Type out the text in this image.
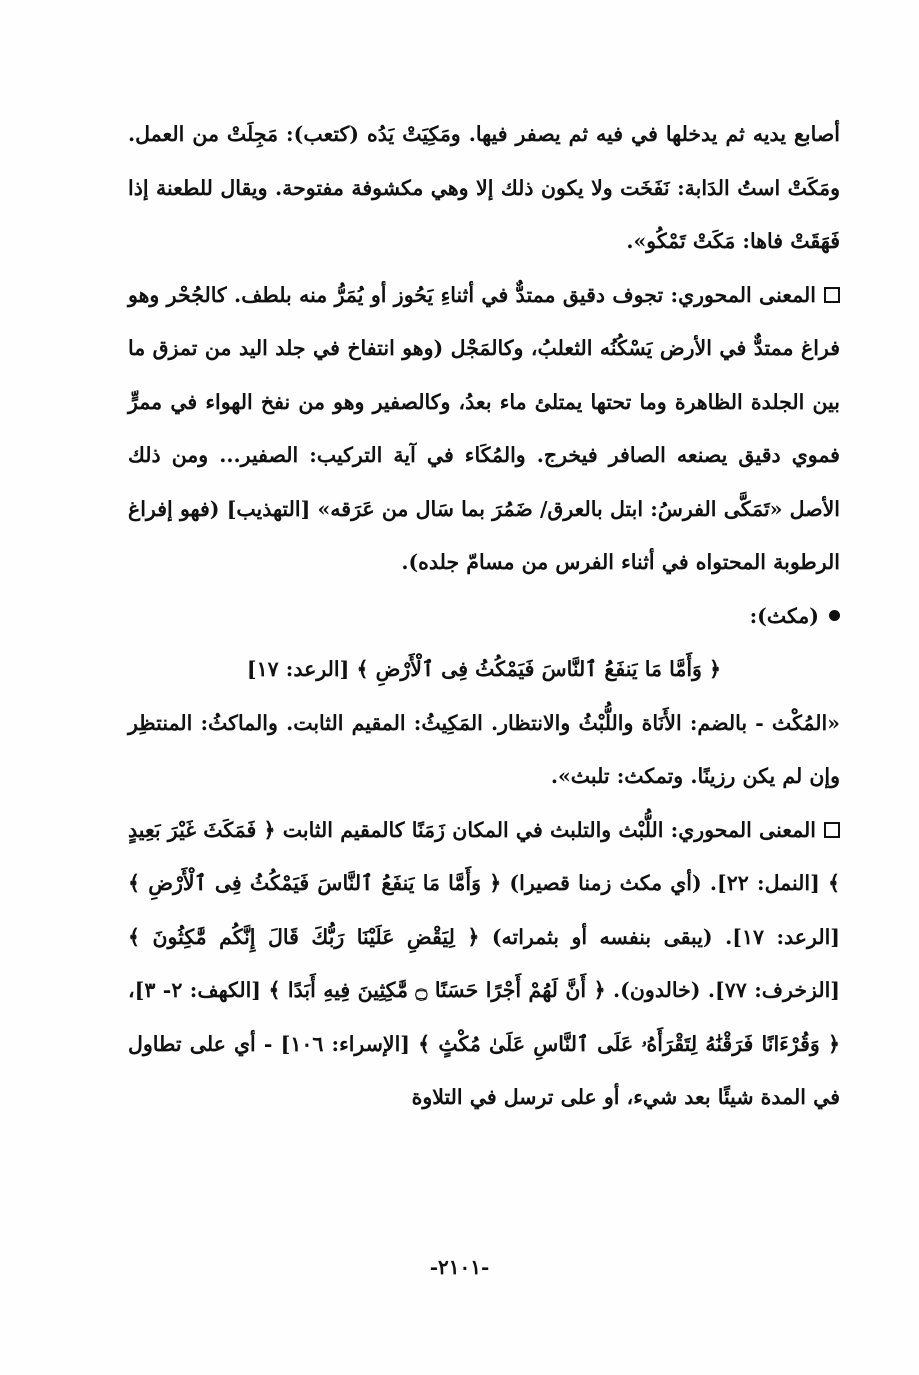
أصابع يديه ثم يدخلها في فيه ثم يصفر فيها. ومَكِيَتْ يَدُه (كتعب): مَجِلَتْ من العمل. ومَكَتْ استُ الدَابة: نَفَخَت ولا يكون ذلك إلا وهي مكشوفة مفتوحة. ويقال للطعنة إذا فَهَقَتْ فاها: مَكَتْ تَمْكُو».

المعنى المحوري: تجوف دقيق ممتدٌّ في أثناءِ يَحُوز أو يُمَرُّ منه بلطف. كالجُحْر وهو فراغ ممتدٌّ في الأرض يَسْكُنُه الثعلبُ، وكالمَجْل (وهو انتفاخ في جلد اليد من تمزق ما بين الجلدة الظاهرة وما تحتها يمتلئ ماء بعدُ، وكالصفير وهو من نفخ الهواء في ممرٍّ فموي دقيق يصنعه الصافر فيخرج. والمُكَاء في آية التركيب: الصفير... ومن ذلك الأصل «تَمَكَّى الفرسُ: ابتل بالعرق/ ضَمُرَ بما سَال من عَرَقه» [التهذيب] (فهو إفراغ الرطوبة المحتواه في أثناء الفرس من مسامّ جلده).

(مكث):

﴿ وَأَمَّا مَا يَنفَعُ ٱلنَّاسَ فَيَمْكُثُ فِى ٱلْأَرْضِ ﴾ [الرعد: ١٧]

«المُكْث - بالضم: الأَنَاة واللُّبْثُ والانتظار. المَكِيثُ: المقيم الثابت. والماكثُ: المنتظِر وإن لم يكن رزينًا. وتمكث: تلبث».

المعنى المحوري: اللُّبْث والتلبث في المكان زَمَنًا كالمقيم الثابت ﴿ فَمَكَثَ غَيْرَ بَعِيدٍ ﴾ [النمل: ٢٢]. (أي مكث زمنا قصيرا) ﴿ وَأَمَّا مَا يَنفَعُ ٱلنَّاسَ فَيَمْكُثُ فِى ٱلْأَرْضِ ﴾ [الرعد: ١٧]. (يبقى بنفسه أو بثمراته) ﴿ لِيَقْضِ عَلَيْنَا رَبُّكَ قَالَ إِنَّكُم مَّٰكِثُونَ ﴾ [الزخرف: ٧٧]. (خالدون). ﴿ أَنَّ لَهُمْ أَجْرًا حَسَنًا ۝ مَّٰكِثِينَ فِيهِ أَبَدًا ﴾ [الكهف: ٢- ٣]، ﴿ وَقُرْءَانًا فَرَقْنَٰهُ لِتَقْرَأَهُۥ عَلَى ٱلنَّاسِ عَلَىٰ مُكْثٍ ﴾ [الإسراء: ١٠٦] - أي على تطاول في المدة شيئًا بعد شيء، أو على ترسل في التلاوة

-٢١٠١-
